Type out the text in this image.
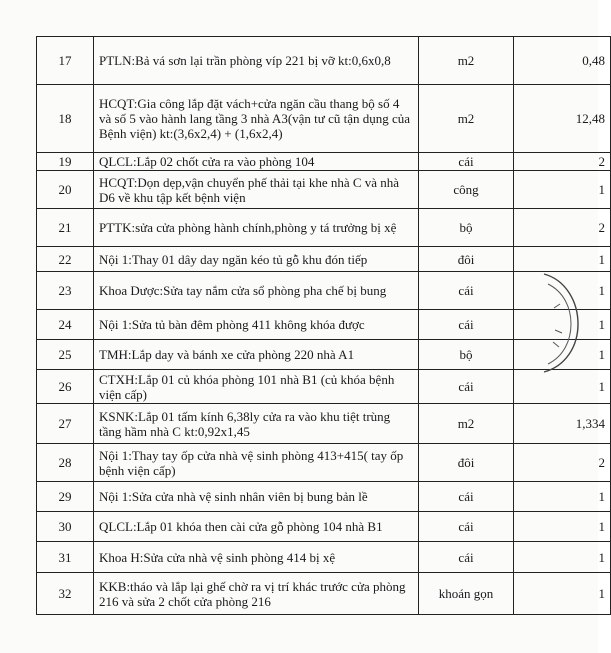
17	PTLN:Bả vá sơn lại trần phòng víp 221 bị vỡ kt:0,6x0,8	m2	0,48
18	HCQT:Gia công lắp đặt vách+cửa ngăn cầu thang bộ số 4 và số 5 vào hành lang tầng 3 nhà A3(vận tư cũ tận dụng của Bệnh viện) kt:(3,6x2,4) + (1,6x2,4)	m2	12,48
19	QLCL:Lắp 02 chốt cửa ra vào phòng 104	cái	2
20	HCQT:Dọn dẹp,vận chuyển phế thải tại khe nhà C và nhà D6 về khu tập kết bệnh viện	công	1
21	PTTK:sửa cửa phòng hành chính,phòng y tá trưởng bị xệ	bộ	2
22	Nội 1:Thay 01 dây day ngăn kéo tủ gỗ khu đón tiếp	đôi	1
23	Khoa Dược:Sửa tay nắm cửa sổ phòng pha chế bị bung	cái	1
24	Nội 1:Sửa tủ bàn đêm phòng 411 không khóa được	cái	1
25	TMH:Lắp day và bánh xe cửa phòng 220 nhà A1	bộ	1
26	CTXH:Lắp 01 củ khóa phòng 101 nhà B1 (củ khóa bệnh viện cấp)	cái	1
27	KSNK:Lắp 01 tấm kính 6,38ly cửa ra vào khu tiệt trùng tầng hầm nhà C kt:0,92x1,45	m2	1,334
28	Nội 1:Thay tay ốp cửa nhà vệ sinh phòng 413+415( tay ốp bệnh viện cấp)	đôi	2
29	Nội 1:Sửa cửa nhà vệ sinh nhân viên bị bung bản lề	cái	1
30	QLCL:Lắp 01 khóa then cài cửa gỗ phòng 104 nhà B1	cái	1
31	Khoa H:Sửa cửa nhà vệ sinh phòng 414 bị xệ	cái	1
32	KKB:tháo và lắp lại ghế chờ ra vị trí khác trước cửa phòng 216 và sửa 2 chốt cửa phòng 216	khoán gọn	1
